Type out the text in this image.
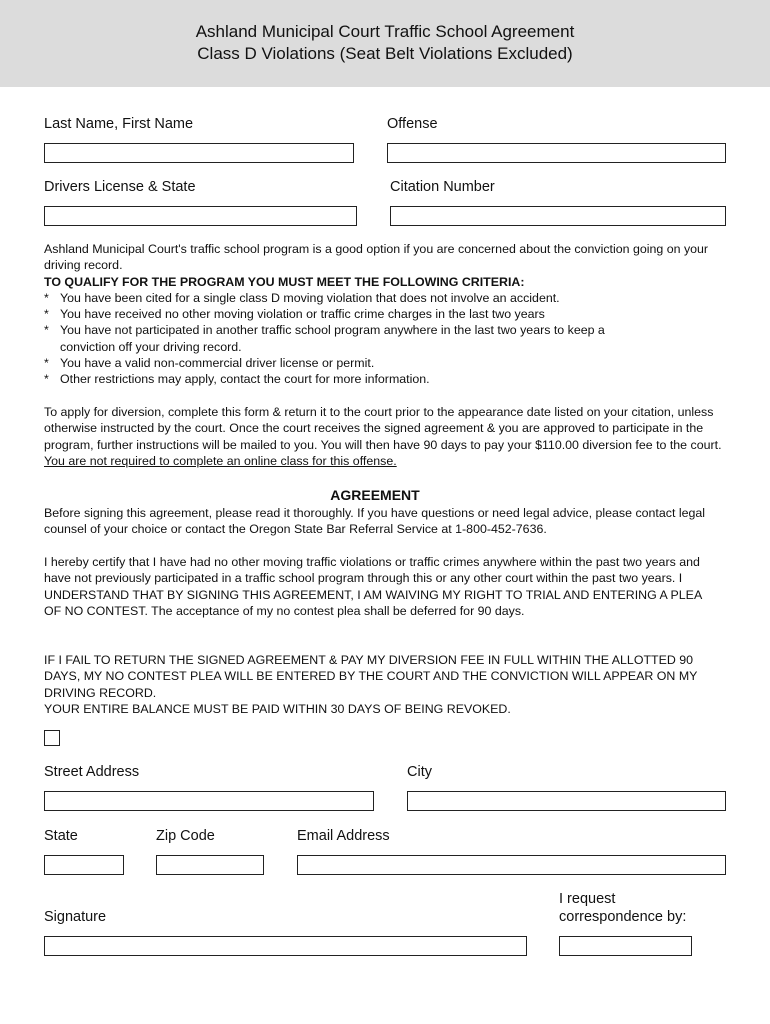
Ashland Municipal Court Traffic School Agreement
Class D Violations (Seat Belt Violations Excluded)
Last Name, First Name	Offense
Drivers License & State	Citation Number

Ashland Municipal Court's traffic school program is a good option if you are concerned about the conviction going on your driving record.

TO QUALIFY FOR THE PROGRAM YOU MUST MEET THE FOLLOWING CRITERIA:

* You have been cited for a single class D moving violation that does not involve an accident.
* You have received no other moving violation or traffic crime charges in the last two years
* You have not participated in another traffic school program anywhere in the last two years to keep a conviction off your driving record.
* You have a valid non-commercial driver license or permit.
* Other restrictions may apply, contact the court for more information.

To apply for diversion, complete this form & return it to the court prior to the appearance date listed on your citation, unless otherwise instructed by the court. Once the court receives the signed agreement & you are approved to participate in the program, further instructions will be mailed to you. You will then have 90 days to pay your $110.00 diversion fee to the court. You are not required to complete an online class for this offense.

AGREEMENT

Before signing this agreement, please read it thoroughly. If you have questions or need legal advice, please contact legal counsel of your choice or contact the Oregon State Bar Referral Service at 1-800-452-7636.

I hereby certify that I have had no other moving traffic violations or traffic crimes anywhere within the past two years and have not previously participated in a traffic school program through this or any other court within the past two years. I UNDERSTAND THAT BY SIGNING THIS AGREEMENT, I AM WAIVING MY RIGHT TO TRIAL AND ENTERING A PLEA OF NO CONTEST. The acceptance of my no contest plea shall be deferred for 90 days.

IF I FAIL TO RETURN THE SIGNED AGREEMENT & PAY MY DIVERSION FEE IN FULL WITHIN THE ALLOTTED 90 DAYS, MY NO CONTEST PLEA WILL BE ENTERED BY THE COURT AND THE CONVICTION WILL APPEAR ON MY DRIVING RECORD.

YOUR ENTIRE BALANCE MUST BE PAID WITHIN 30 DAYS OF BEING REVOKED.

Street Address	City
State	Zip Code	Email Address
Signature
I request
correspondence by:
